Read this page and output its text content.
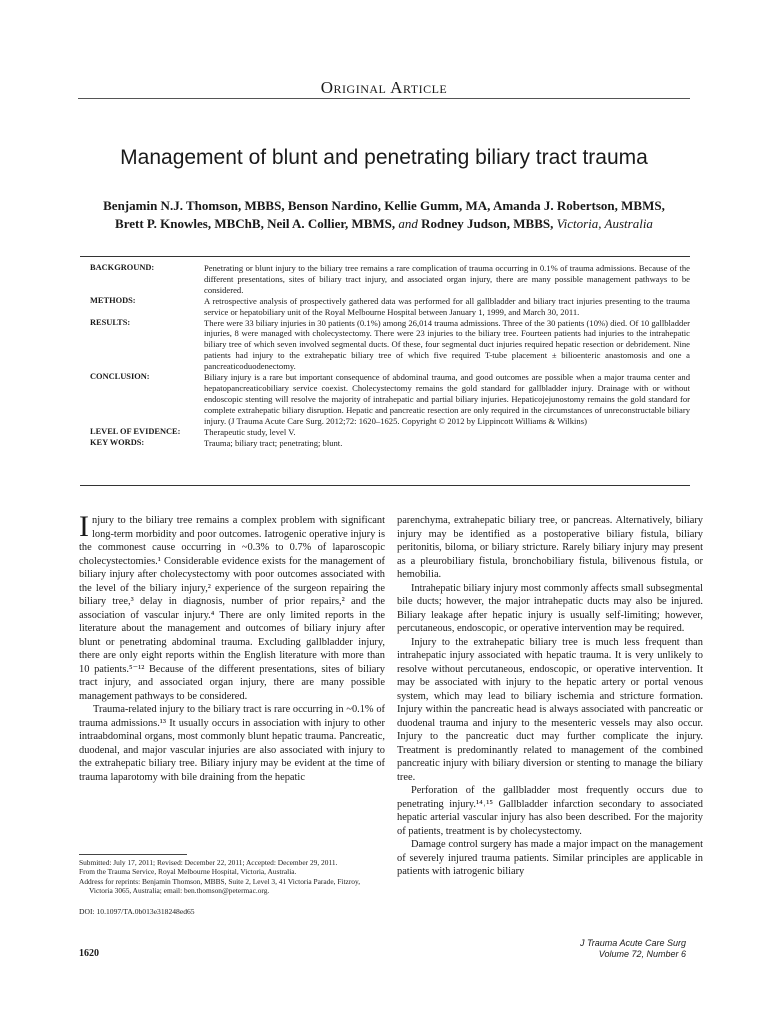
Original Article
Management of blunt and penetrating biliary tract trauma
Benjamin N.J. Thomson, MBBS, Benson Nardino, Kellie Gumm, MA, Amanda J. Robertson, MBMS,
Brett P. Knowles, MBChB, Neil A. Collier, MBMS, and Rodney Judson, MBBS, Victoria, Australia
BACKGROUND:	Penetrating or blunt injury to the biliary tree remains a rare complication of trauma occurring in 0.1% of trauma admissions. Because of the different presentations, sites of biliary tract injury, and associated organ injury, there are many possible management pathways to be considered.
METHODS:	A retrospective analysis of prospectively gathered data was performed for all gallbladder and biliary tract injuries presenting to the trauma service or hepatobiliary unit of the Royal Melbourne Hospital between January 1, 1999, and March 30, 2011.
RESULTS:	There were 33 biliary injuries in 30 patients (0.1%) among 26,014 trauma admissions. Three of the 30 patients (10%) died. Of 10 gallbladder injuries, 8 were managed with cholecystectomy. There were 23 injuries to the biliary tree. Fourteen patients had injuries to the intrahepatic biliary tree of which seven involved segmental ducts. Of these, four segmental duct injuries required hepatic resection or debridement. Nine patients had injury to the extrahepatic biliary tree of which five required T-tube placement ± bilioenteric anastomosis and one a pancreaticoduodenectomy.
CONCLUSION:	Biliary injury is a rare but important consequence of abdominal trauma, and good outcomes are possible when a major trauma center and hepatopancreaticobiliary service coexist. Cholecystectomy remains the gold standard for gallbladder injury. Drainage with or without endoscopic stenting will resolve the majority of intrahepatic and partial biliary injuries. Hepaticojejunostomy remains the gold standard for complete extrahepatic biliary disruption. Hepatic and pancreatic resection are only required in the circumstances of unreconstructable biliary injury. (J Trauma Acute Care Surg. 2012;72: 1620–1625. Copyright © 2012 by Lippincott Williams & Wilkins)
LEVEL OF EVIDENCE:	Therapeutic study, level V.
KEY WORDS:	Trauma; biliary tract; penetrating; blunt.

Injury to the biliary tree remains a complex problem with significant long-term morbidity and poor outcomes. Iatrogenic operative injury is the commonest cause occurring in ~0.3% to 0.7% of laparoscopic cholecystectomies.¹ Considerable evidence exists for the management of biliary injury after cholecystectomy with poor outcomes associated with the level of the biliary injury,² experience of the surgeon repairing the biliary tree,³ delay in diagnosis, number of prior repairs,² and the association of vascular injury.⁴ There are only limited reports in the literature about the management and outcomes of biliary injury after blunt or penetrating abdominal trauma. Excluding gallbladder injury, there are only eight reports within the English literature with more than 10 patients.⁵⁻¹² Because of the different presentations, sites of biliary tract injury, and associated organ injury, there are many possible management pathways to be considered.

Trauma-related injury to the biliary tract is rare occurring in ~0.1% of trauma admissions.¹³ It usually occurs in association with injury to other intraabdominal organs, most commonly blunt hepatic trauma. Pancreatic, duodenal, and major vascular injuries are also associated with injury to the extrahepatic biliary tree. Biliary injury may be evident at the time of trauma laparotomy with bile draining from the hepatic

parenchyma, extrahepatic biliary tree, or pancreas. Alternatively, biliary injury may be identified as a postoperative biliary fistula, biliary peritonitis, biloma, or biliary stricture. Rarely biliary injury may present as a pleurobiliary fistula, bronchobiliary fistula, bilivenous fistula, or hemobilia.

Intrahepatic biliary injury most commonly affects small subsegmental bile ducts; however, the major intrahepatic ducts may also be injured. Biliary leakage after hepatic injury is usually self-limiting; however, percutaneous, endoscopic, or operative intervention may be required.

Injury to the extrahepatic biliary tree is much less frequent than intrahepatic injury associated with hepatic trauma. It is very unlikely to resolve without percutaneous, endoscopic, or operative intervention. It may be associated with injury to the hepatic artery or portal venous system, which may lead to biliary ischemia and stricture formation. Injury within the pancreatic head is always associated with pancreatic or duodenal trauma and injury to the mesenteric vessels may also occur. Injury to the pancreatic duct may further complicate the injury. Treatment is predominantly related to management of the combined pancreatic injury with biliary diversion or stenting to manage the biliary tree.

Perforation of the gallbladder most frequently occurs due to penetrating injury.¹⁴˒¹⁵ Gallbladder infarction secondary to associated hepatic arterial vascular injury has also been described. For the majority of patients, treatment is by cholecystectomy.

Damage control surgery has made a major impact on the management of severely injured trauma patients. Similar principles are applicable in patients with iatrogenic biliary

Submitted: July 17, 2011; Revised: December 22, 2011; Accepted: December 29, 2011.
From the Trauma Service, Royal Melbourne Hospital, Victoria, Australia.
Address for reprints: Benjamin Thomson, MBBS, Suite 2, Level 3, 41 Victoria Parade, Fitzroy, Victoria 3065, Australia; email: ben.thomson@petermac.org.
DOI: 10.1097/TA.0b013e318248ed65
1620
J Trauma Acute Care Surg
Volume 72, Number 6
